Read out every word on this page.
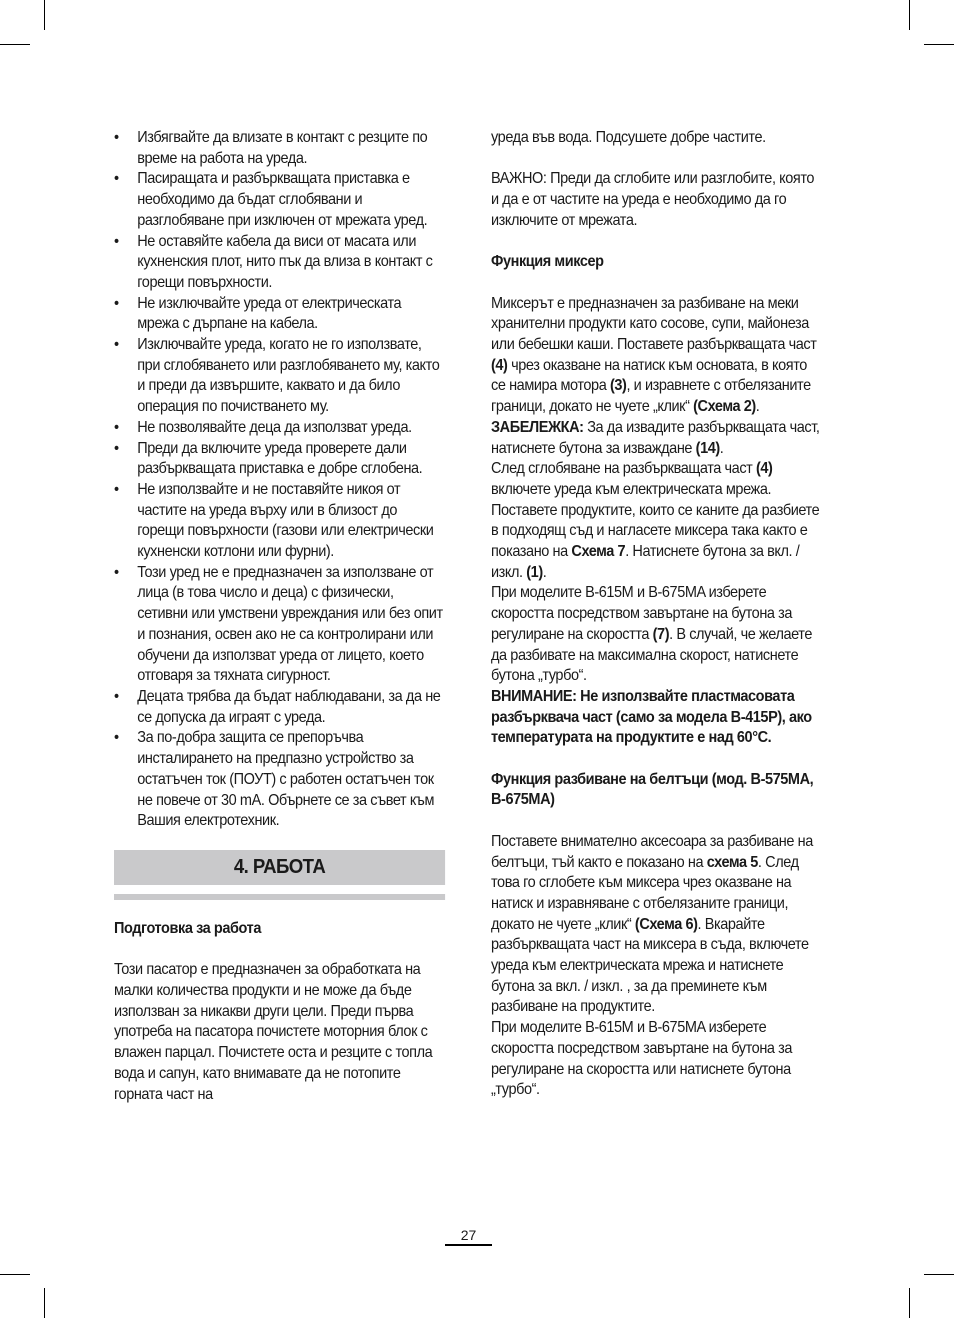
• Избягвайте да влизате в контакт с резците по време на работа на уреда.
• Пасиращата и разбъркващата приставка е необходимо да бъдат сглобявани и разглобяване при изключен от мрежата уред.
• Не оставяйте кабела да виси от масата или кухненския плот, нито пък да влиза в контакт с горещи повърхности.
• Не изключвайте уреда от електрическата мрежа с дърпане на кабела.
• Изключвайте уреда, когато не го използвате, при сглобяването или разглобяването му, както и преди да извършите, каквато и да било операция по почистването му.
• Не позволявайте деца да използват уреда.
• Преди да включите уреда проверете дали разбъркващата приставка е добре сглобена.
• Не използвайте и не поставяйте никоя от частите на уреда върху или в близост до горещи повърхности (газови или електрически кухненски котлони или фурни).
• Този уред не е предназначен за използване от лица (в това число и деца) с физически, сетивни или умствени увреждания или без опит и познания, освен ако не са контролирани или обучени да използват уреда от лицето, което отговаря за тяхната сигурност.
• Децата трябва да бъдат наблюдавани, за да не се допуска да играят с уреда.
• За по-добра защита се препоръчва инсталирането на предпазно устройство за остатъчен ток (ПОУТ) с работен остатъчен ток не повече от 30 mA. Обърнете се за съвет към Вашия електротехник.
4. РАБОТА

Подготовка за работа

Този пасатор е предназначен за обработката на малки количества продукти и не може да бъде използван за никакви други цели. Преди първа употреба на пасатора почистете моторния блок с влажен парцал. Почистете оста и резците с топла вода и сапун, като внимавате да не потопите горната част на

уреда във вода. Подсушете добре частите.

ВАЖНО: Преди да сглобите или разглобите, която и да е от частите на уреда е необходимо да го изключите от мрежата.

Функция миксер

Миксерът е предназначен за разбиване на меки хранителни продукти като сосове, супи, майонеза или бебешки каши. Поставете разбъркващата част (4) чрез оказване на натиск към основата, в която се намира мотора (3), и изравнете с отбелязаните граници, докато не чуете „клик“ (Схема 2).

ЗАБЕЛЕЖКА: За да извадите разбъркващата част, натиснете бутона за изваждане (14).

След сглобяване на разбъркващата част (4) включете уреда към електрическата мрежа. Поставете продуктите, които се каните да разбиете в подходящ съд и нагласете миксера така както е показано на Схема 7. Натиснете бутона за вкл. / изкл. (1).

При моделите B-615M и B-675MA изберете скоростта посредством завъртане на бутона за регулиране на скоростта (7). В случай, че желаете да разбивате на максимална скорост, натиснете бутона „турбо“.

ВНИМАНИЕ: Не използвайте пластмасовата разбърквача част (само за модела B-415P), ако температурата на продуктите е над 60°C.

Функция разбиване на белтъци (мод. B-575MA, B-675MA)

Поставете внимателно аксесоара за разбиване на белтъци, тъй както е показано на схема 5. След това го сглобете към миксера чрез оказване на натиск и изравняване с отбелязаните граници, докато не чуете „клик“ (Схема 6). Вкарайте разбъркващата част на миксера в съда, включете уреда към електрическата мрежа и натиснете бутона за вкл. / изкл. , за да преминете към разбиване на продуктите.

При моделите B-615M и B-675MA изберете скоростта посредством завъртане на бутона за регулиране на скоростта или натиснете бутона „турбо“.

27
